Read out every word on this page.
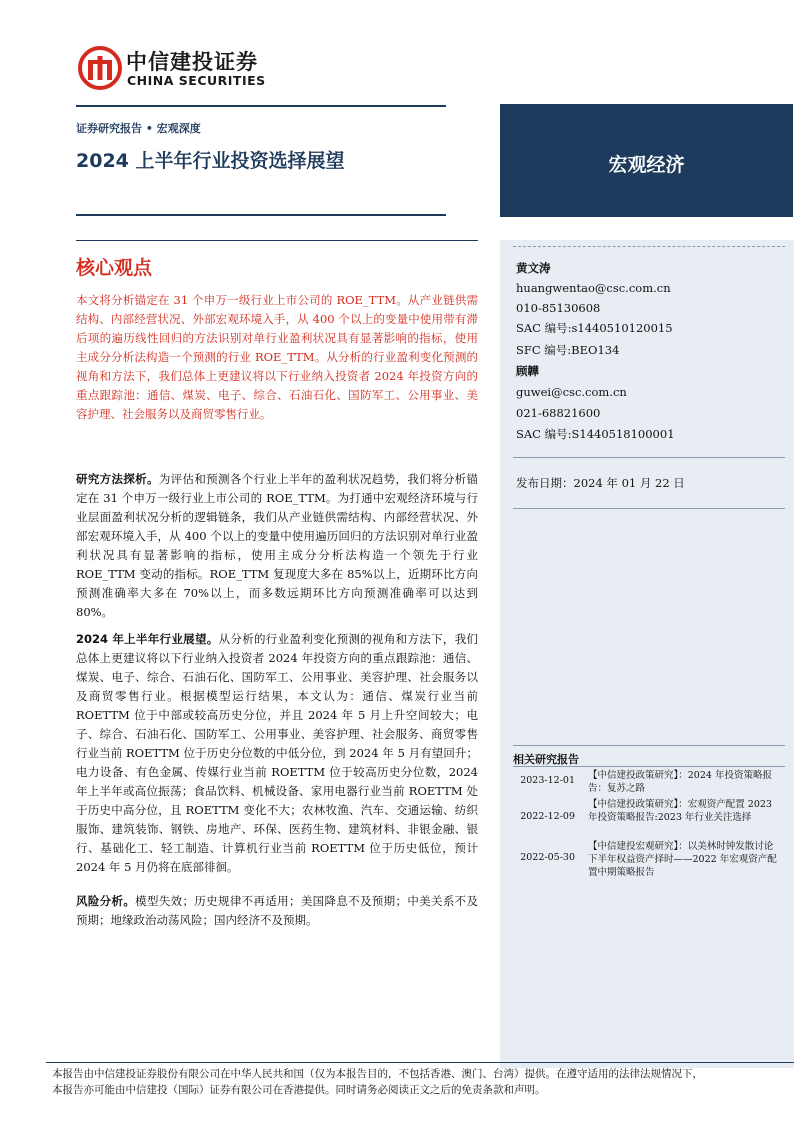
中信建投证券
CHINA SECURITIES
证券研究报告 • 宏观深度
2024 上半年行业投资选择展望	宏观经济
核心观点
本文将分析锚定在 31 个申万一级行业上市公司的 ROE_TTM。从产业链供需结构、内部经营状况、外部宏观环境入手，从 400 个以上的变量中使用带有滞后项的遍历线性回归的方法识别对单行业盈利状况具有显著影响的指标，使用主成分分析法构造一个预测的行业 ROE_TTM。从分析的行业盈利变化预测的视角和方法下，我们总体上更建议将以下行业纳入投资者 2024 年投资方向的重点跟踪池：通信、煤炭、电子、综合、石油石化、国防军工、公用事业、美容护理、社会服务以及商贸零售行业。
研究方法探析。为评估和预测各个行业上半年的盈利状况趋势，我们将分析锚定在 31 个申万一级行业上市公司的 ROE_TTM。为打通中宏观经济环境与行业层面盈利状况分析的逻辑链条，我们从产业链供需结构、内部经营状况、外部宏观环境入手，从 400 个以上的变量中使用遍历回归的方法识别对单行业盈利状况具有显著影响的指标，使用主成分分析法构造一个领先于行业 ROE_TTM 变动的指标。ROE_TTM 复现度大多在 85%以上，近期环比方向预测准确率大多在 70%以上，而多数远期环比方向预测准确率可以达到 80%。
2024 年上半年行业展望。从分析的行业盈利变化预测的视角和方法下，我们总体上更建议将以下行业纳入投资者 2024 年投资方向的重点跟踪池：通信、煤炭、电子、综合、石油石化、国防军工、公用事业、美容护理、社会服务以及商贸零售行业。根据模型运行结果，本文认为：通信、煤炭行业当前 ROETTM 位于中部或较高历史分位，并且 2024 年 5 月上升空间较大；电子、综合、石油石化、国防军工、公用事业、美容护理、社会服务、商贸零售行业当前 ROETTM 位于历史分位数的中低分位，到 2024 年 5 月有望回升；电力设备、有色金属、传媒行业当前 ROETTM 位于较高历史分位数，2024 年上半年或高位振荡；食品饮料、机械设备、家用电器行业当前 ROETTM 处于历史中高分位，且 ROETTM 变化不大；农林牧渔、汽车、交通运输、纺织服饰、建筑装饰、钢铁、房地产、环保、医药生物、建筑材料、非银金融、银行、基础化工、轻工制造、计算机行业当前 ROETTM 位于历史低位，预计 2024 年 5 月仍将在底部徘徊。
风险分析。模型失效；历史规律不再适用；美国降息不及预期；中美关系不及预期；地缘政治动荡风险；国内经济不及预期。
黄文涛
huangwentao@csc.com.cn
010-85130608
SAC 编号:s1440510120015
SFC 编号:BEO134
顾韡
guwei@csc.com.cn
021-68821600
SAC 编号:S1440518100001
发布日期：2024 年 01 月 22 日
相关研究报告
2023-12-01 【中信建投政策研究】：2024 年投资策略报告：复苏之路
2022-12-09
【中信建投政策研究】：宏观资产配置 2023 年投资策略报告:2023 年行业关注选择
2022-05-30
【中信建投宏观研究】：以美林时钟发散讨论下半年权益资产择时——2022 年宏观资产配置中期策略报告
本报告由中信建投证券股份有限公司在中华人民共和国（仅为本报告目的，不包括香港、澳门、台湾）提供。在遵守适用的法律法规情况下，
本报告亦可能由中信建投（国际）证券有限公司在香港提供。同时请务必阅读正文之后的免责条款和声明。
